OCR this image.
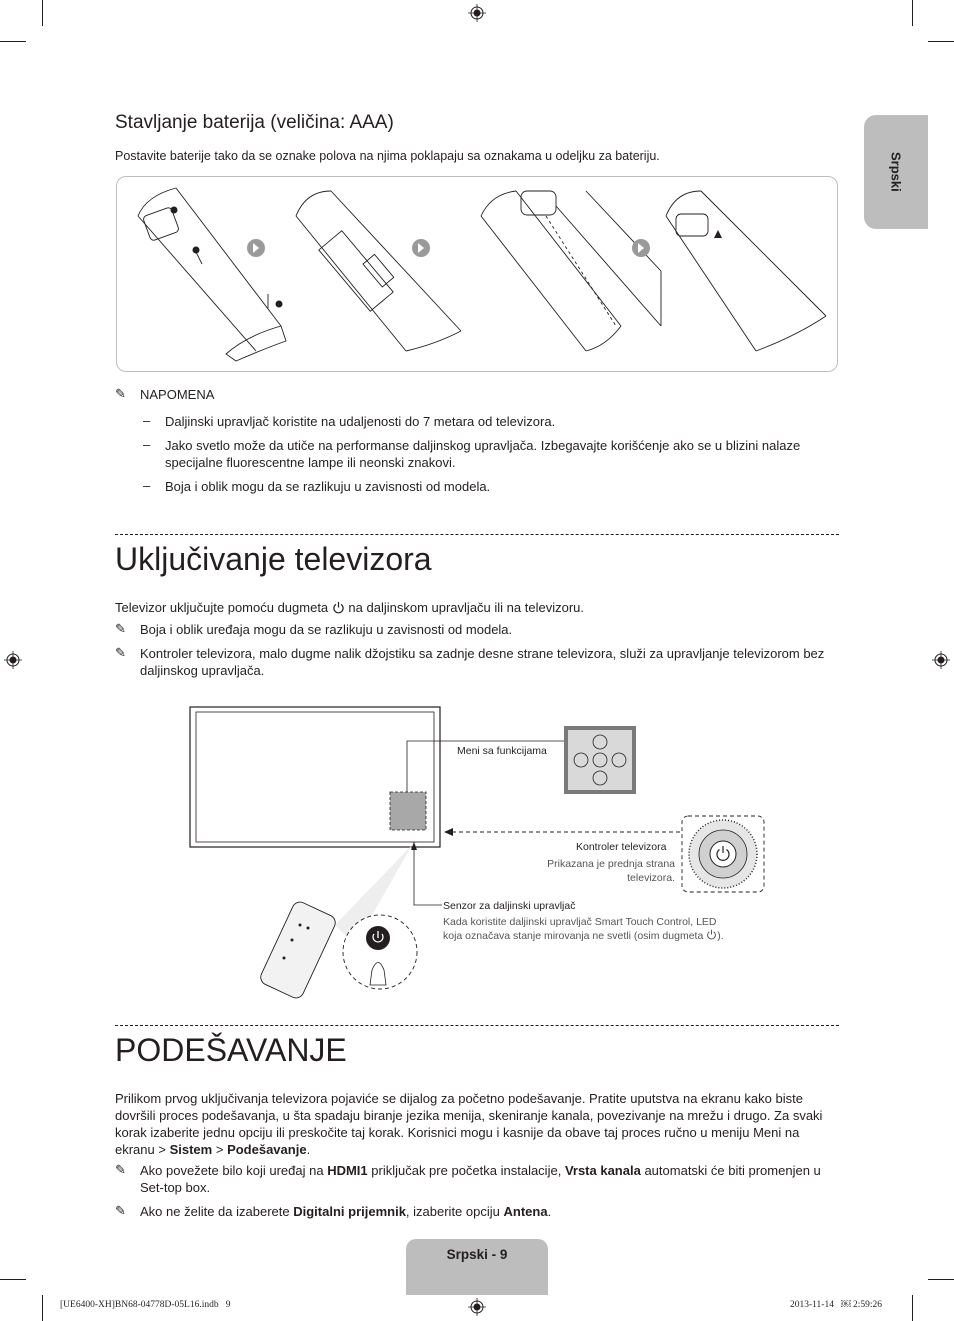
Srpski
Stavljanje baterija (veličina: AAA)
Postavite baterije tako da se oznake polova na njima poklapaju sa oznakama u odeljku za bateriju.
1
2
3
✎ NAPOMENA
– Daljinski upravljač koristite na udaljenosti do 7 metara od televizora.
– Jako svetlo može da utiče na performanse daljinskog upravljača. Izbegavajte korišćenje ako se u blizini nalaze specijalne fluorescentne lampe ili neonski znakovi.
– Boja i oblik mogu da se razlikuju u zavisnosti od modela.
Uključivanje televizora
Televizor uključujte pomoću dugmeta na daljinskom upravljaču ili na televizoru.
✎ Boja i oblik uređaja mogu da se razlikuju u zavisnosti od modela.
✎ Kontroler televizora, malo dugme nalik džojstiku sa zadnje desne strane televizora, služi za upravljanje televizorom bez daljinskog upravljača.
Meni sa funkcijama
Kontroler televizora
Prikazana je prednja strana
televizora.
Senzor za daljinski upravljač
Kada koristite daljinski upravljač Smart Touch Control, LED
koja označava stanje mirovanja ne svetli (osim dugmeta ).
PODEŠAVANJE
Prilikom prvog uključivanja televizora pojaviće se dijalog za početno podešavanje. Pratite uputstva na ekranu kako biste dovršili proces podešavanja, u šta spadaju biranje jezika menija, skeniranje kanala, povezivanje na mrežu i drugo. Za svaki korak izaberite jednu opciju ili preskočite taj korak. Korisnici mogu i kasnije da obave taj proces ručno u meniju Meni na ekranu > Sistem > Podešavanje.
✎ Ako povežete bilo koji uređaj na HDMI1 priključak pre početka instalacije, Vrsta kanala automatski će biti promenjen u Set-top box.
✎ Ako ne želite da izaberete Digitalni prijemnik, izaberite opciju Antena.
Srpski - 9
[UE6400-XH]BN68-04778D-05L16.indb   9	2013-11-14   ￼ 2:59:26
